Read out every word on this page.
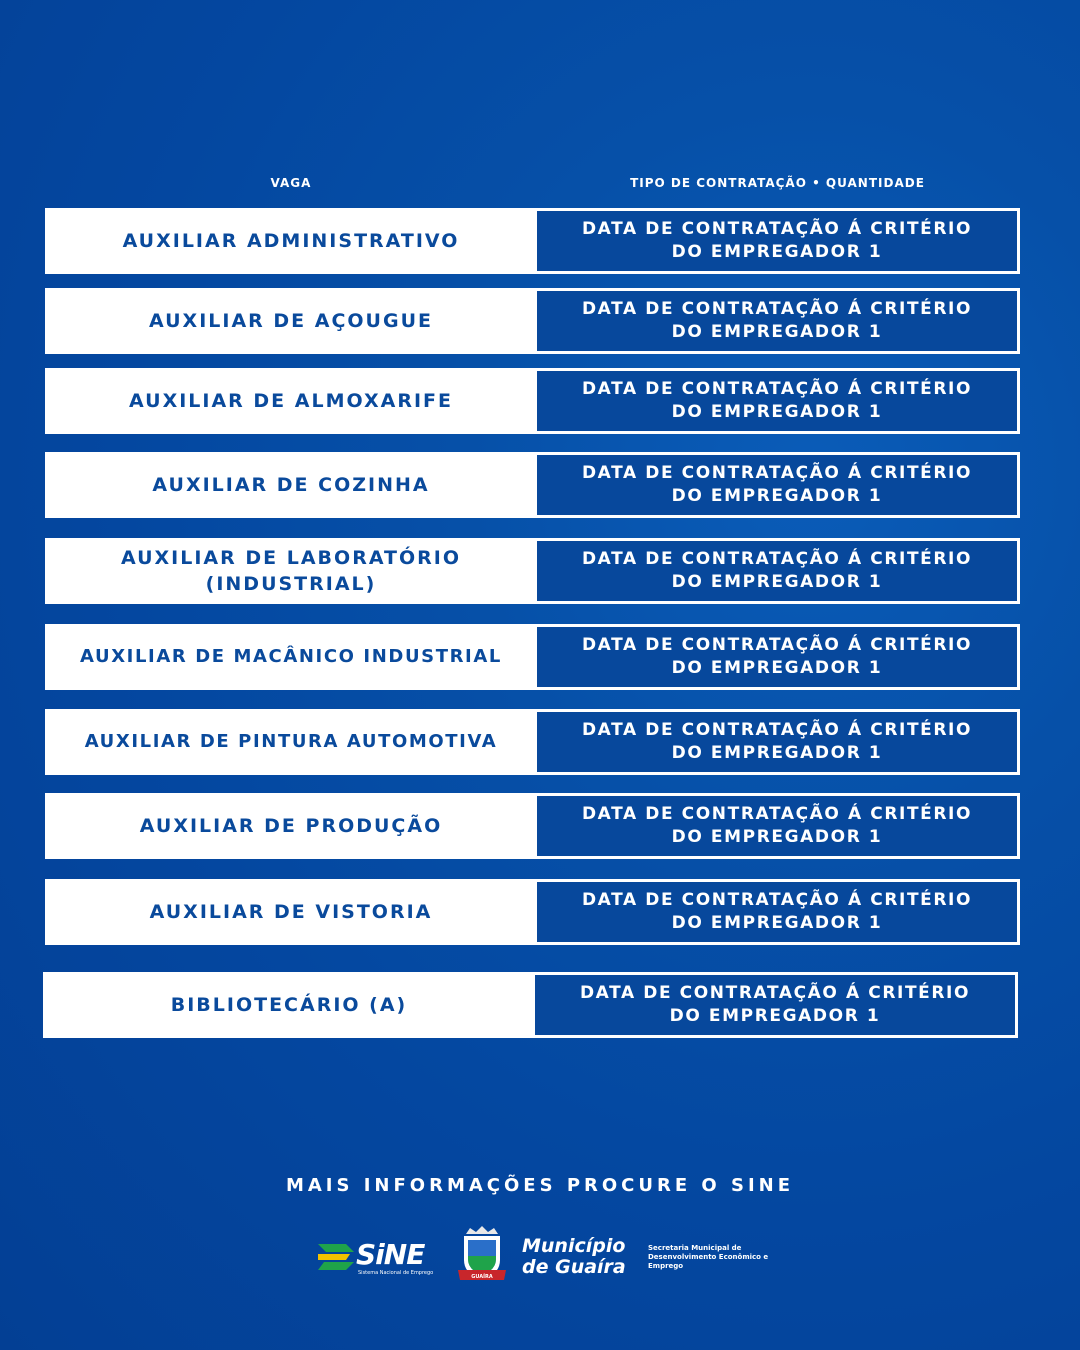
VAGA	TIPO DE CONTRATAÇÃO • QUANTIDADE
AUXILIAR ADMINISTRATIVO
DATA DE CONTRATAÇÃO Á CRITÉRIO
DO EMPREGADOR 1
AUXILIAR DE AÇOUGUE
DATA DE CONTRATAÇÃO Á CRITÉRIO
DO EMPREGADOR 1
AUXILIAR DE ALMOXARIFE
DATA DE CONTRATAÇÃO Á CRITÉRIO
DO EMPREGADOR 1
AUXILIAR DE COZINHA
DATA DE CONTRATAÇÃO Á CRITÉRIO
DO EMPREGADOR 1
AUXILIAR DE LABORATÓRIO (INDUSTRIAL)
DATA DE CONTRATAÇÃO Á CRITÉRIO
DO EMPREGADOR 1
AUXILIAR DE MACÂNICO INDUSTRIAL
DATA DE CONTRATAÇÃO Á CRITÉRIO
DO EMPREGADOR 1
AUXILIAR DE PINTURA AUTOMOTIVA
DATA DE CONTRATAÇÃO Á CRITÉRIO
DO EMPREGADOR 1
AUXILIAR DE PRODUÇÃO
DATA DE CONTRATAÇÃO Á CRITÉRIO
DO EMPREGADOR 1
AUXILIAR DE VISTORIA
DATA DE CONTRATAÇÃO Á CRITÉRIO
DO EMPREGADOR 1
BIBLIOTECÁRIO (A)
DATA DE CONTRATAÇÃO Á CRITÉRIO
DO EMPREGADOR 1
MAIS INFORMAÇÕES PROCURE O SINE
SiNE
Sistema Nacional de Emprego
GUAÍRA
Município
de Guaíra
Secretaria Municipal de Desenvolvimento Econômico e Emprego
